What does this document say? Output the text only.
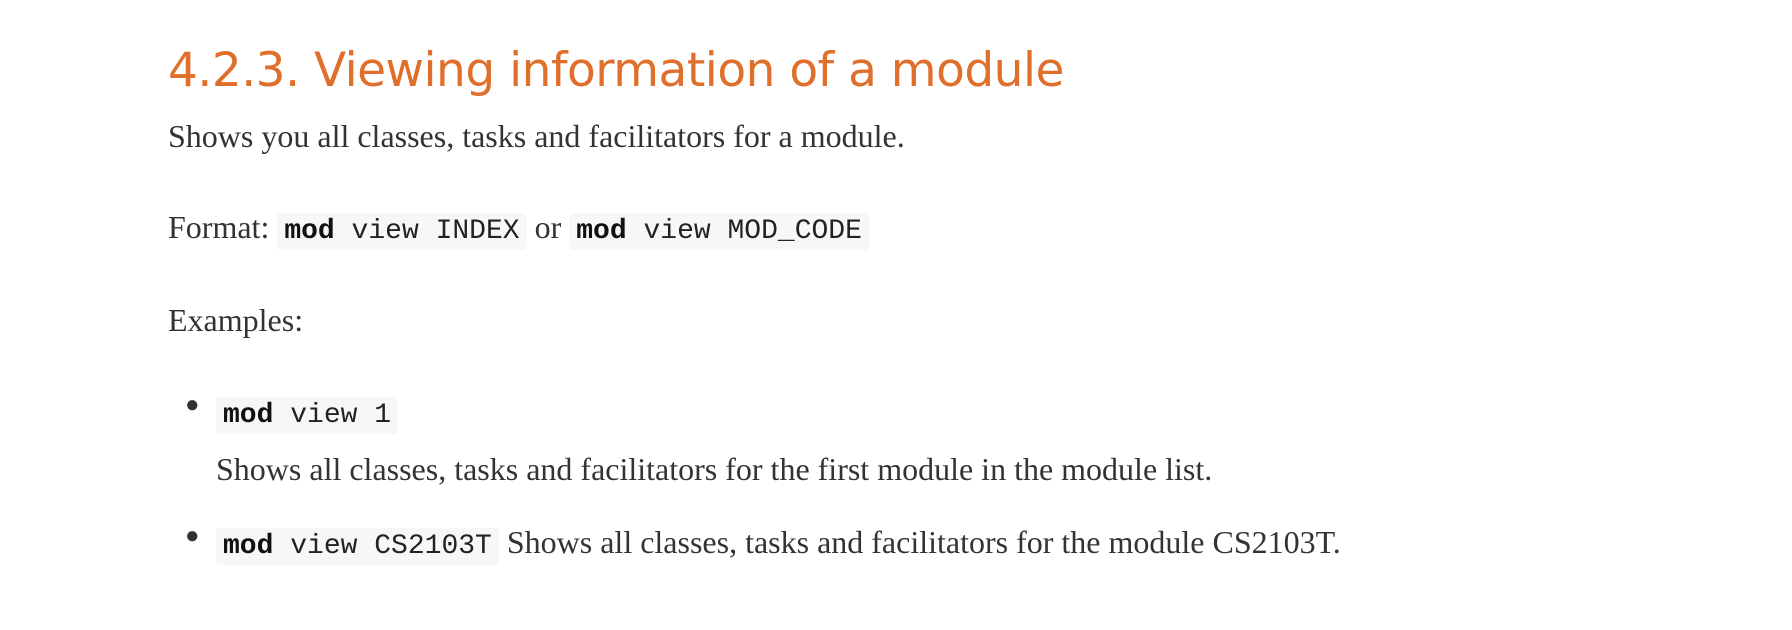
4.2.3. Viewing information of a module

Shows you all classes, tasks and facilitators for a module.

Format: mod view INDEX or mod view MOD_CODE

Examples:

● mod view 1
Shows all classes, tasks and facilitators for the first module in the module list.
● mod view CS2103T Shows all classes, tasks and facilitators for the module CS2103T.
